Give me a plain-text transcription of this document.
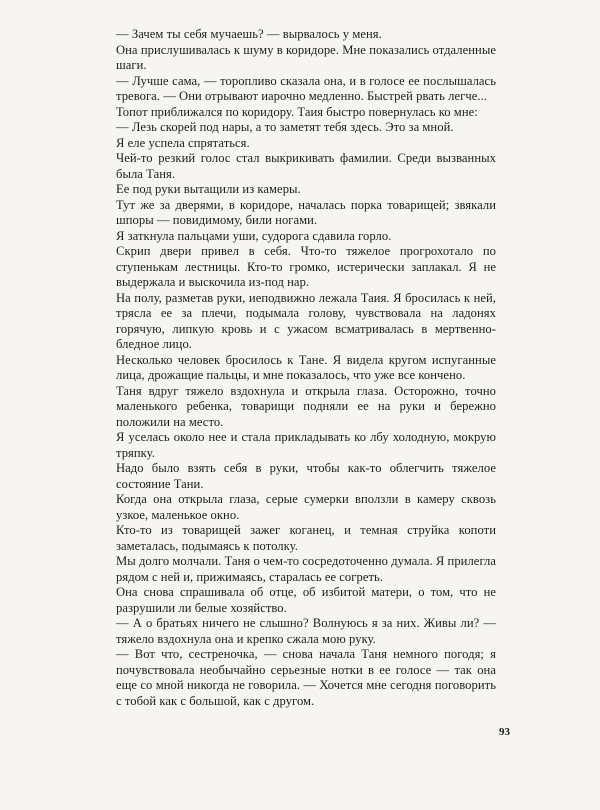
— Зачем ты себя мучаешь? — вырвалось у меня.

Она прислушивалась к шуму в коридоре. Мне показались отдаленные шаги.

— Лучше сама, — торопливо сказала она, и в голосе ее послышалась тревога. — Они отрывают иарочно медленно. Быстрей рвать легче...

Топот приближался по коридору. Таия быстро повернулась ко мне:

— Лезь скорей под нары, а то заметят тебя здесь. Это за мной.

Я еле успела спрятаться.

Чей-то резкий голос стал выкрикивать фамилии. Среди вызванных была Таня.

Ее под руки вытащили из камеры.

Тут же за дверями, в коридоре, началась порка товарищей; звякали шпоры — повидимому, били ногами.

Я заткнула пальцами уши, судорога сдавила горло.

Скрип двери привел в себя. Что-то тяжелое прогрохотало по ступенькам лестницы. Кто-то громко, истерически заплакал. Я не выдержала и выскочила из-под нар.

На полу, разметав руки, иеподвижно лежала Таия. Я бросилась к ней, трясла ее за плечи, подымала голову, чувствовала на ладонях горячую, липкую кровь и с ужасом всматривалась в мертвенно-бледное лицо.

Несколько человек бросилось к Тане. Я видела кругом испуганные лица, дрожащие пальцы, и мне показалось, что уже все кончено.

Таня вдруг тяжело вздохнула и открыла глаза. Осторожно, точно маленького ребенка, товарищи подняли ее на руки и бережно положили на место.

Я уселась около нее и стала прикладывать ко лбу холодную, мокрую тряпку.

Надо было взять себя в руки, чтобы как-то облегчить тяжелое состояние Тани.

Когда она открыла глаза, серые сумерки вползли в камеру сквозь узкое, маленькое окно.

Кто-то из товарищей зажег коганец, и темная струйка копоти заметалась, подымаясь к потолку.

Мы долго молчали. Таня о чем-то сосредоточенно думала. Я прилегла рядом с ней и, прижимаясь, старалась ее согреть.

Она снова спрашивала об отце, об избитой матери, о том, что не разрушили ли белые хозяйство.

— А о братьях ничего не слышно? Волнуюсь я за них. Живы ли? — тяжело вздохнула она и крепко сжала мою руку.

— Вот что, сестреночка, — снова начала Таня немного погодя; я почувствовала необычайно серьезные нотки в ее голосе — так она еще со мной никогда не говорила. — Хочется мне сегодня поговорить с тобой как с большой, как с другом.

93
